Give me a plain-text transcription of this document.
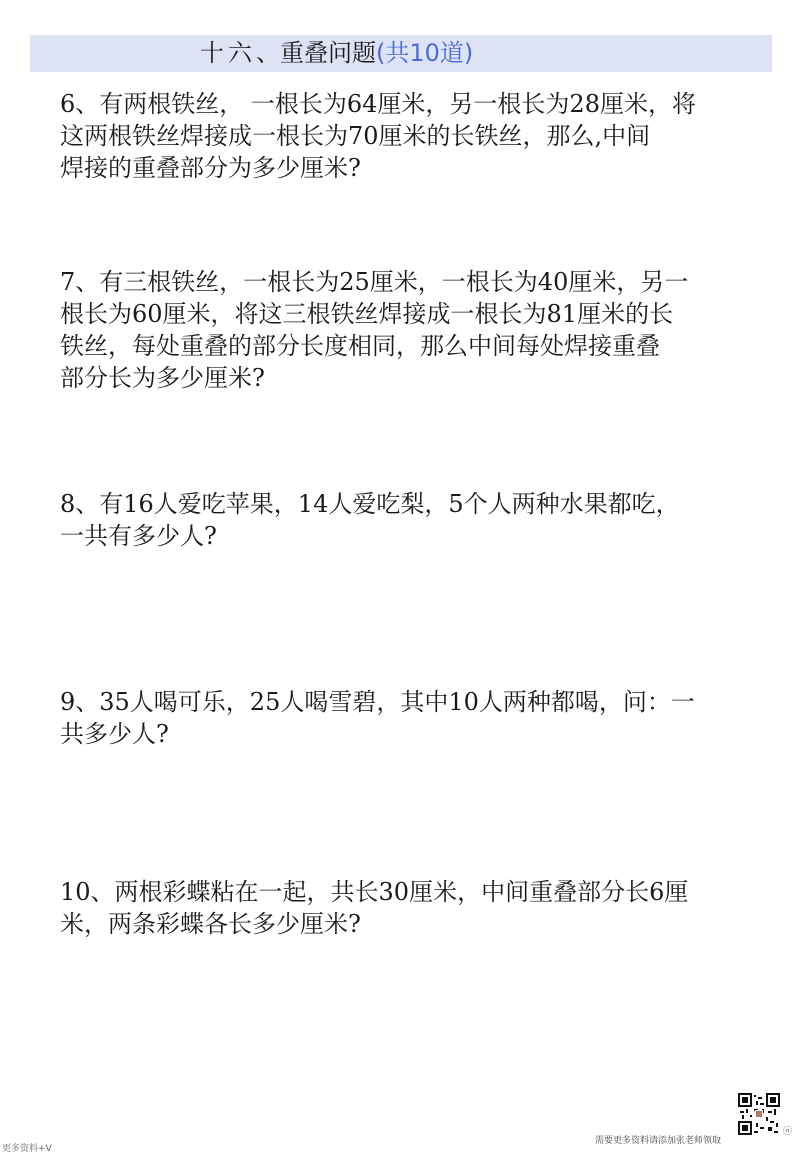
十 六 、重叠问题(共10道)
6、有两根铁丝， 一根长为64厘米，另一根长为28厘米，将
这两根铁丝焊接成一根长为70厘米的长铁丝，那么,中间
焊接的重叠部分为多少厘米?
7、有三根铁丝，一根长为25厘米，一根长为40厘米，另一
根长为60厘米，将这三根铁丝焊接成一根长为81厘米的长
铁丝，每处重叠的部分长度相同，那么中间每处焊接重叠
部分长为多少厘米?
8、有16人爱吃苹果，14人爱吃梨，5个人两种水果都吃，
一共有多少人?
9、35人喝可乐，25人喝雪碧，其中10人两种都喝，问：一
共多少人?
10、两根彩蝶粘在一起，共长30厘米，中间重叠部分长6厘
米，两条彩蝶各长多少厘米?
ⓞ
需要更多资料请添加张老师领取
更多资料+V
